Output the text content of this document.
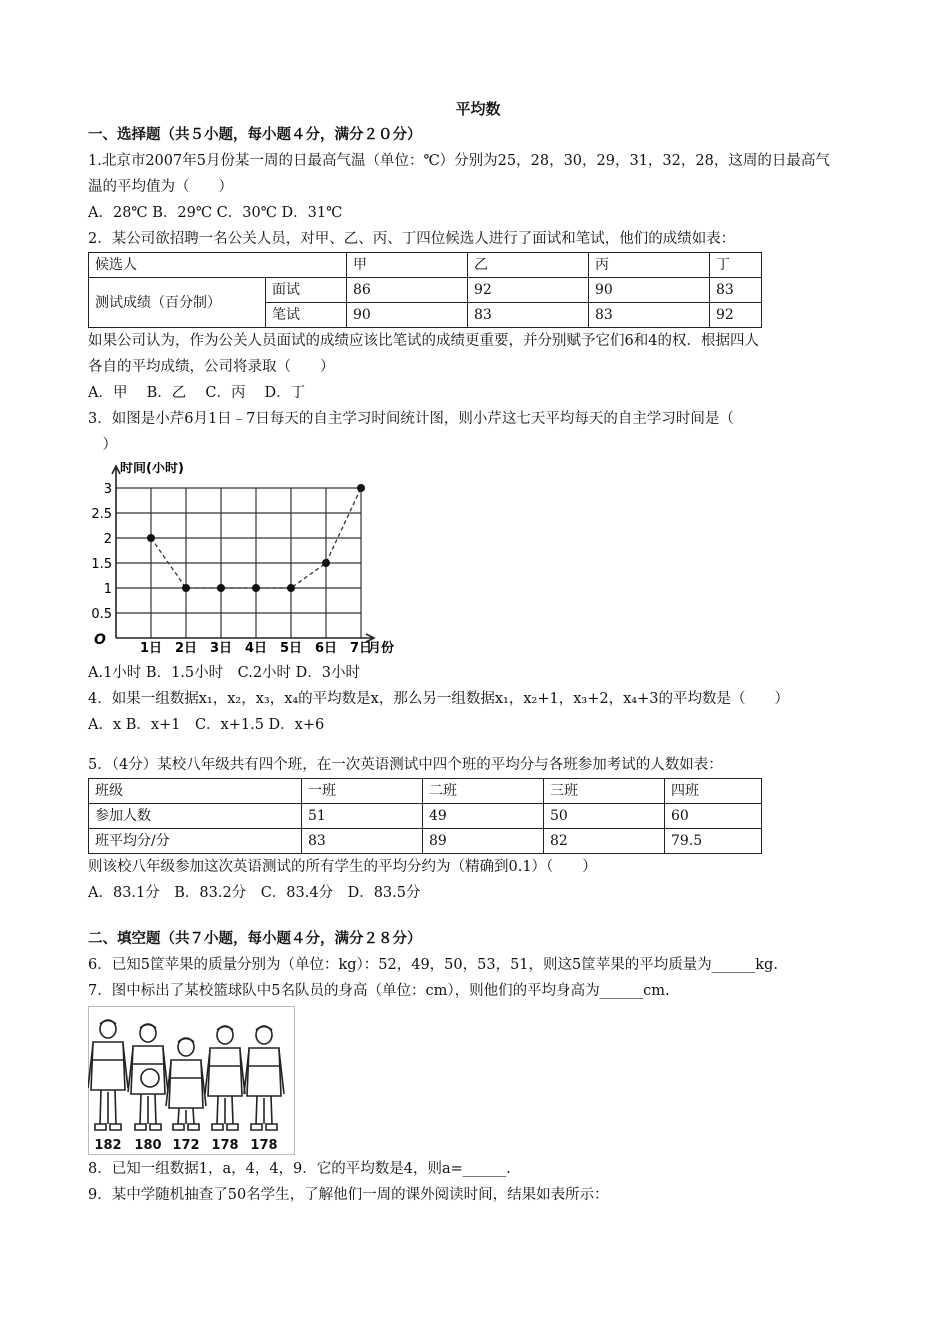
平均数

一、选择题（共５小题，每小题４分，满分２０分）

1.北京市2007年5月份某一周的日最高气温（单位：℃）分别为25，28，30，29，31，32，28，这周的日最高气

温的平均值为（　　）

A．28℃ B．29℃ C．30℃ D．31℃

2．某公司欲招聘一名公关人员，对甲、乙、丙、丁四位候选人进行了面试和笔试，他们的成绩如表：

候选人		甲	乙	丙	丁
测试成绩（百分制）	面试	86	92	90	83
	笔试	90	83	83	92

如果公司认为，作为公关人员面试的成绩应该比笔试的成绩更重要，并分别赋予它们6和4的权．根据四人

各自的平均成绩，公司将录取（　　）

A．甲　 B．乙　 C．丙　 D．丁

3．如图是小芹6月1日﹣7日每天的自主学习时间统计图，则小芹这七天平均每天的自主学习时间是（

　）

0.5
1
1.5
2
2.5
3
1日 2日 3日 4日 5日 6日 7日
时间(小时)
月份
O

A.1小时 B．1.5小时　C.2小时 D．3小时

4．如果一组数据x₁，x₂，x₃，x₄的平均数是x，那么另一组数据x₁，x₂+1，x₃+2，x₄+3的平均数是（　　）

A．x B．x+1　C．x+1.5 D．x+6

5．（4分）某校八年级共有四个班，在一次英语测试中四个班的平均分与各班参加考试的人数如表：

班级	一班	二班	三班	四班
参加人数	51	49	50	60
班平均分/分	83	89	82	79.5

则该校八年级参加这次英语测试的所有学生的平均分约为（精确到0.1）（　　）

A．83.1分　B．83.2分　C．83.4分　D．83.5分

二、填空题（共７小题，每小题４分，满分２８分）

6．已知5筐苹果的质量分别为（单位：kg）：52，49，50，53，51，则这5筐苹果的平均质量为______kg.

7．图中标出了某校篮球队中5名队员的身高（单位：cm），则他们的平均身高为______cm.

182 180 172 178 178

8．已知一组数据1，a，4，4，9．它的平均数是4，则a=______.

9．某中学随机抽查了50名学生，了解他们一周的课外阅读时间，结果如表所示：
